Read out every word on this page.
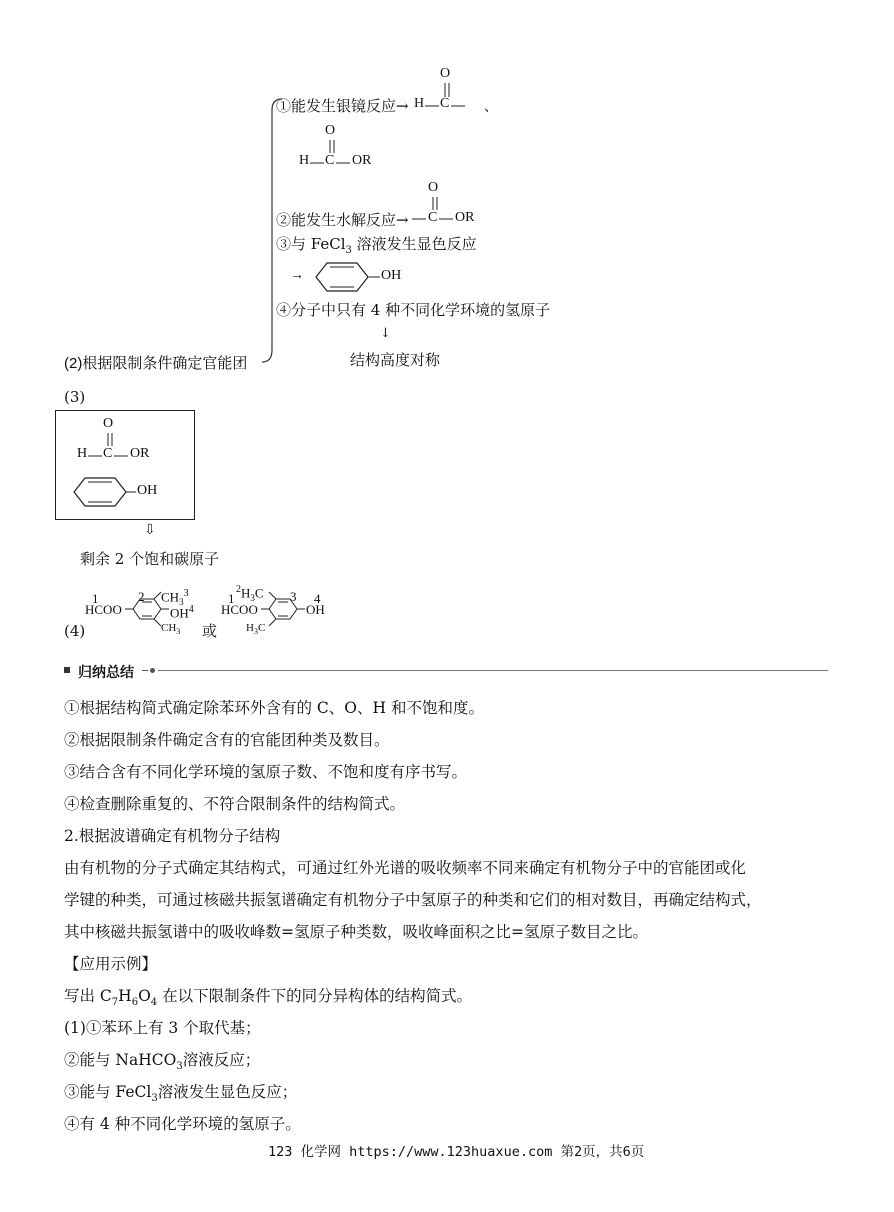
①能发生银镜反应→
O
H C 、
O
H C OR
②能发生水解反应→
O
C OR
③与 FeCl$_3$ 溶液发生显色反应
→	OH
④分子中只有 4 种不同化学环境的氢原子
↓
结构高度对称
(2)根据限制条件确定官能团
(3)
O
H C OR
OH
⇩
剩余 2 个饱和碳原子
(4)
1
HCOO
2 $CH_3^3$
$OH^4$
$CH_3$ 或
1
HCOO
$^2H_3C$ 3 4
OH
$H_3C$
归纳总结
①根据结构简式确定除苯环外含有的 C、O、H 和不饱和度。
②根据限制条件确定含有的官能团种类及数目。
③结合含有不同化学环境的氢原子数、不饱和度有序书写。
④检查删除重复的、不符合限制条件的结构简式。
2.根据波谱确定有机物分子结构
由有机物的分子式确定其结构式，可通过红外光谱的吸收频率不同来确定有机物分子中的官能团或化
学键的种类，可通过核磁共振氢谱确定有机物分子中氢原子的种类和它们的相对数目，再确定结构式，
其中核磁共振氢谱中的吸收峰数=氢原子种类数，吸收峰面积之比=氢原子数目之比。
【应用示例】
写出 $C_7H_6O_4$ 在以下限制条件下的同分异构体的结构简式。
(1)①苯环上有 3 个取代基；
②能与 NaHCO$_3$溶液反应；
③能与 FeCl$_3$溶液发生显色反应；
④有 4 种不同化学环境的氢原子。
123 化学网 https://www.123huaxue.com 第2页，共6页
